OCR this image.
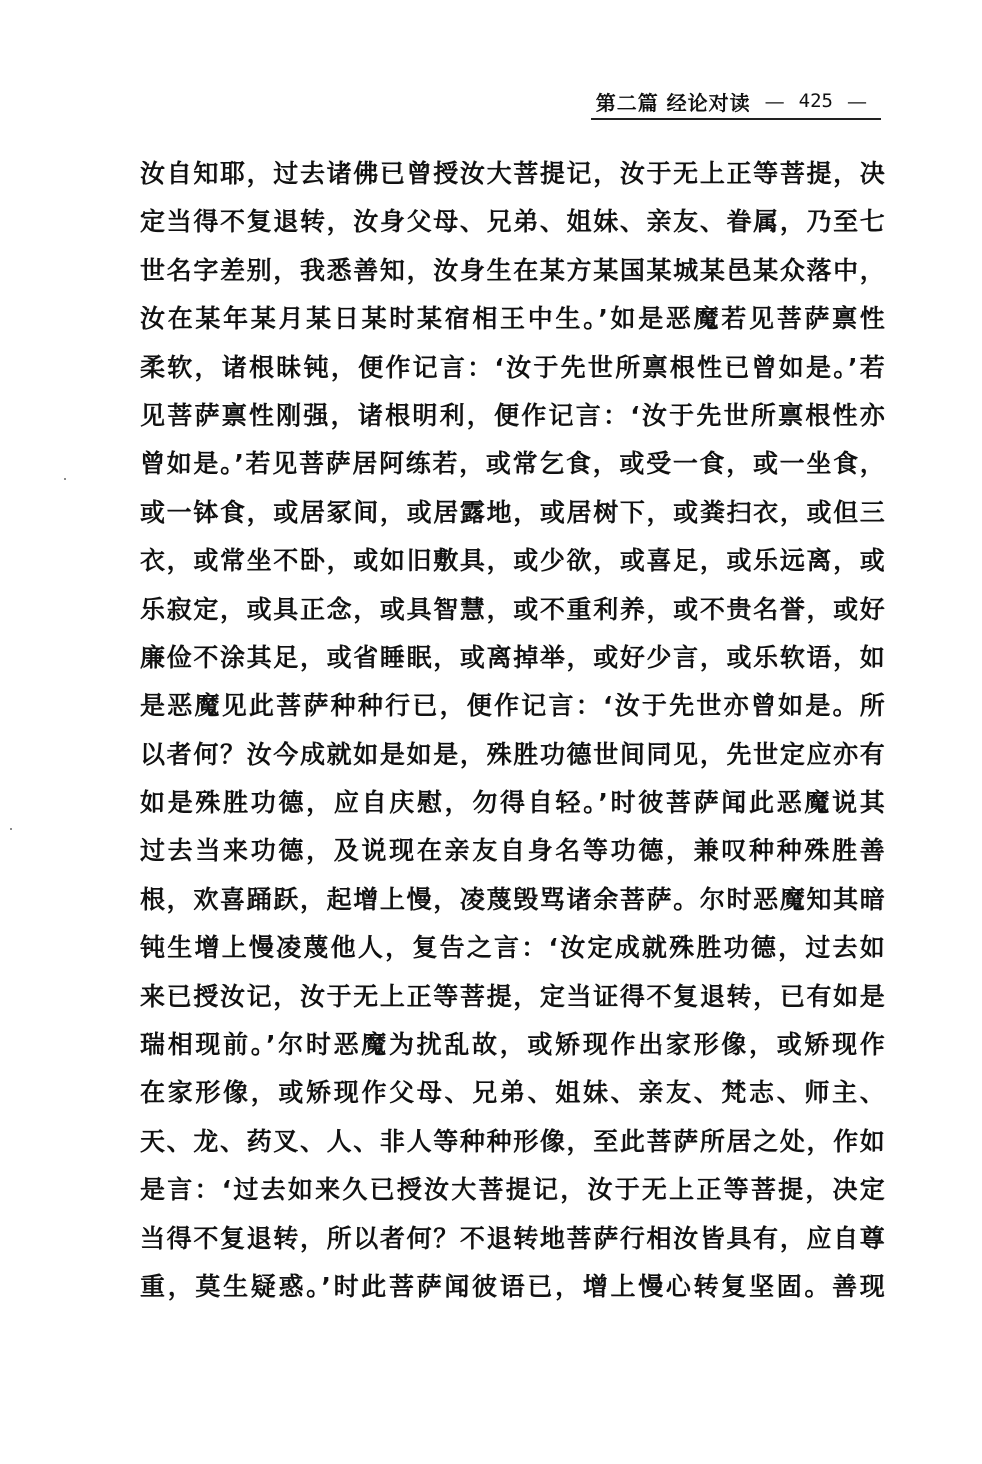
第二篇 经论对读 — 425 —
汝自知耶，过去诸佛已曾授汝大菩提记，汝于无上正等菩提，决
定当得不复退转，汝身父母、兄弟、姐妹、亲友、眷属，乃至七
世名字差别，我悉善知，汝身生在某方某国某城某邑某众落中，
汝在某年某月某日某时某宿相王中生。’如是恶魔若见菩萨禀性
柔软，诸根昧钝，便作记言：‘汝于先世所禀根性已曾如是。’若
见菩萨禀性刚强，诸根明利，便作记言：‘汝于先世所禀根性亦
曾如是。’若见菩萨居阿练若，或常乞食，或受一食，或一坐食，
或一钵食，或居冢间，或居露地，或居树下，或粪扫衣，或但三
衣，或常坐不卧，或如旧敷具，或少欲，或喜足，或乐远离，或
乐寂定，或具正念，或具智慧，或不重利养，或不贵名誉，或好
廉俭不涂其足，或省睡眠，或离掉举，或好少言，或乐软语，如
是恶魔见此菩萨种种行已，便作记言：‘汝于先世亦曾如是。所
以者何？汝今成就如是如是，殊胜功德世间同见，先世定应亦有
如是殊胜功德，应自庆慰，勿得自轻。’时彼菩萨闻此恶魔说其
过去当来功德，及说现在亲友自身名等功德，兼叹种种殊胜善
根，欢喜踊跃，起增上慢，凌蔑毁骂诸余菩萨。尔时恶魔知其暗
钝生增上慢凌蔑他人，复告之言：‘汝定成就殊胜功德，过去如
来已授汝记，汝于无上正等菩提，定当证得不复退转，已有如是
瑞相现前。’尔时恶魔为扰乱故，或矫现作出家形像，或矫现作
在家形像，或矫现作父母、兄弟、姐妹、亲友、梵志、师主、
天、龙、药叉、人、非人等种种形像，至此菩萨所居之处，作如
是言：‘过去如来久已授汝大菩提记，汝于无上正等菩提，决定
当得不复退转，所以者何？不退转地菩萨行相汝皆具有，应自尊
重，莫生疑惑。’时此菩萨闻彼语已，增上慢心转复坚固。善现
